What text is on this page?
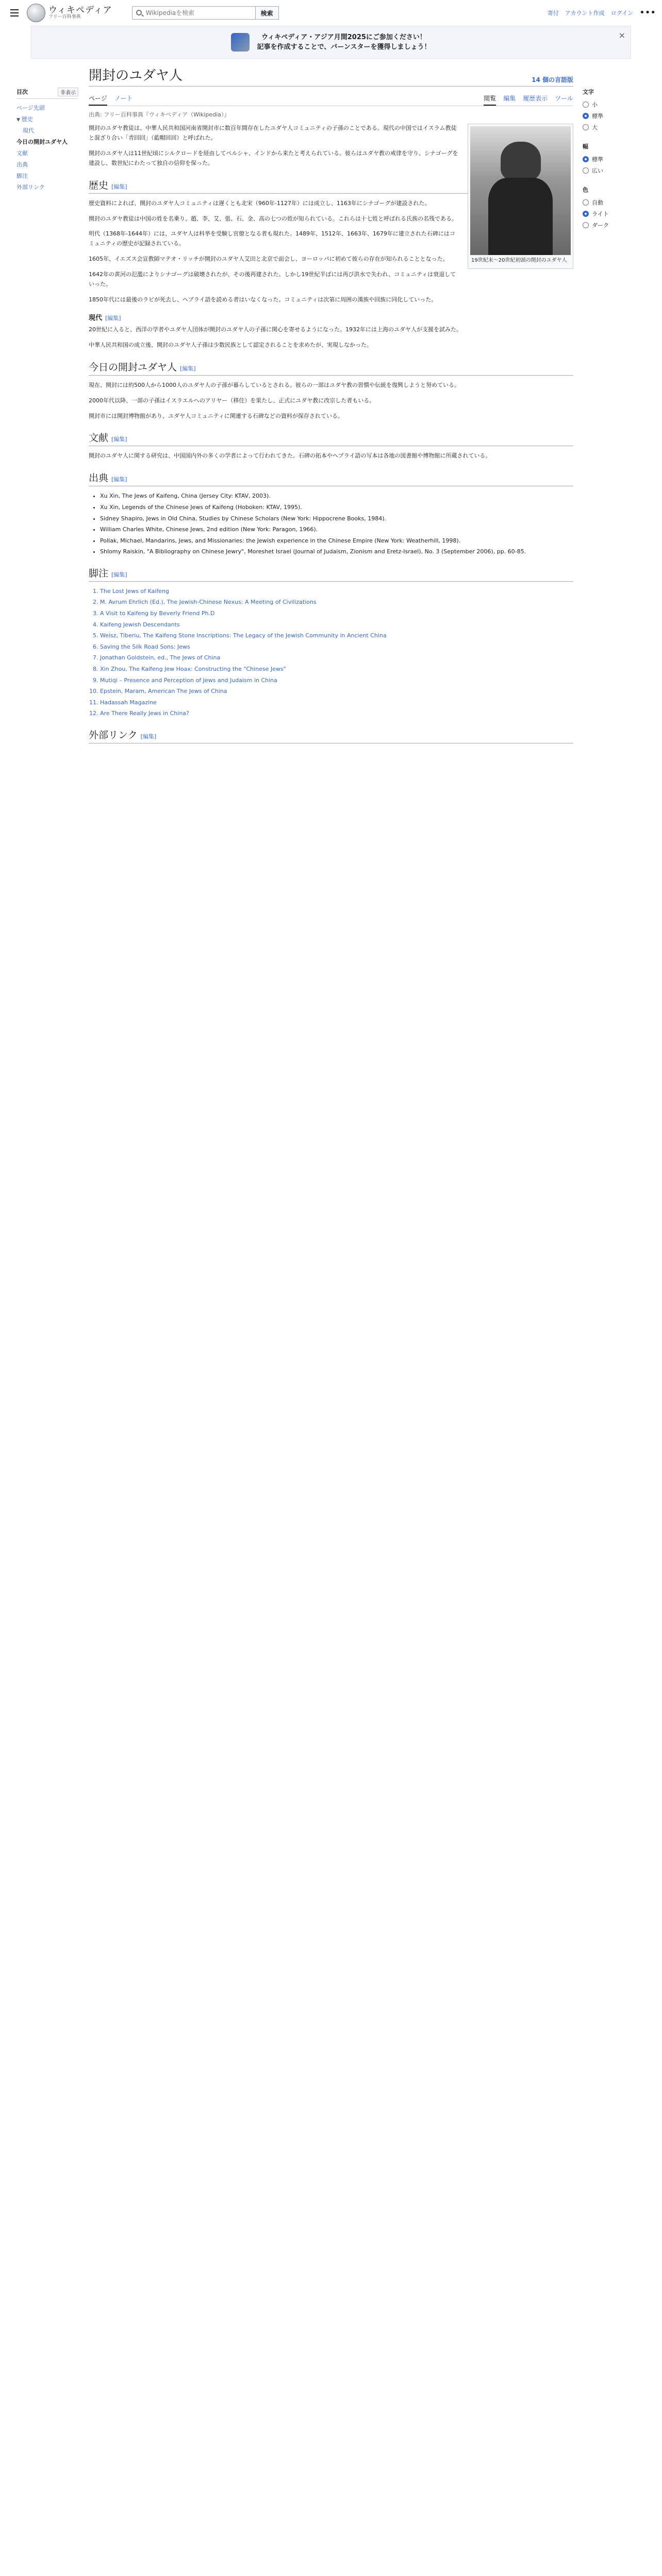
ウィキペディア
フリー百科事典
Wikipediaを検索
検索	寄付 アカウント作成 ログイン •••
ウィキペディア・アジア月間2025にご参加ください！
記事を作成することで、バーンスターを獲得しましょう！
×
目次	非表示
ページ先頭
▼ 歴史
現代
今日の開封ユダヤ人
文献
出典
脚注
外部リンク
文字
小
標準
大
幅
標準
広い
色
自動
ライト
ダーク
開封のユダヤ人	14 個の言語版
ページ ノート	閲覧 編集 履歴表示 ツール
出典: フリー百科事典『ウィキペディア（Wikipedia）』
19世紀末〜20世紀初頭の開封のユダヤ人

開封のユダヤ教徒は、中華人民共和国河南省開封市に数百年間存在したユダヤ人コミュニティの子孫のことである。現代の中国ではイスラム教徒と混ざり合い「青回回」（藍帽回回）と呼ばれた。

開封のユダヤ人は11世紀頃にシルクロードを経由してペルシャ、インドから来たと考えられている。彼らはユダヤ教の戒律を守り、シナゴーグを建設し、数世紀にわたって独自の信仰を保った。

歴史 [編集]

歴史資料によれば、開封のユダヤ人コミュニティは遅くとも北宋（960年-1127年）には成立し、1163年にシナゴーグが建設された。

開封のユダヤ教徒は中国の姓を名乗り、趙、李、艾、張、石、金、高の七つの姓が知られている。これらは十七姓と呼ばれる氏族の名残である。

明代（1368年-1644年）には、ユダヤ人は科挙を受験し官僚となる者も現れた。1489年、1512年、1663年、1679年に建立された石碑にはコミュニティの歴史が記録されている。

1605年、イエズス会宣教師マテオ・リッチが開封のユダヤ人艾田と北京で面会し、ヨーロッパに初めて彼らの存在が知られることとなった。

1642年の黄河の氾濫によりシナゴーグは破壊されたが、その後再建された。しかし19世紀半ばには再び洪水で失われ、コミュニティは衰退していった。

1850年代には最後のラビが死去し、ヘブライ語を読める者はいなくなった。コミュニティは次第に周囲の漢族や回族に同化していった。

現代 [編集]

20世紀に入ると、西洋の学者やユダヤ人団体が開封のユダヤ人の子孫に関心を寄せるようになった。1932年には上海のユダヤ人が支援を試みた。

中華人民共和国の成立後、開封のユダヤ人子孫は少数民族として認定されることを求めたが、実現しなかった。

今日の開封ユダヤ人 [編集]

現在、開封には約500人から1000人のユダヤ人の子孫が暮らしているとされる。彼らの一部はユダヤ教の習慣や伝統を復興しようと努めている。

2000年代以降、一部の子孫はイスラエルへのアリヤー（移住）を果たし、正式にユダヤ教に改宗した者もいる。

開封市には開封博物館があり、ユダヤ人コミュニティに関連する石碑などの資料が保存されている。

文献 [編集]

開封のユダヤ人に関する研究は、中国国内外の多くの学者によって行われてきた。石碑の拓本やヘブライ語の写本は各地の図書館や博物館に所蔵されている。

出典 [編集]
• Xu Xin, The Jews of Kaifeng, China (Jersey City: KTAV, 2003).
• Xu Xin, Legends of the Chinese Jews of Kaifeng (Hoboken: KTAV, 1995).
• Sidney Shapiro, Jews in Old China, Studies by Chinese Scholars (New York: Hippocrene Books, 1984).
• William Charles White, Chinese Jews, 2nd edition (New York: Paragon, 1966).
• Pollak, Michael, Mandarins, Jews, and Missionaries: the Jewish experience in the Chinese Empire (New York: Weatherhill, 1998).
• Shlomy Raiskin, "A Bibliography on Chinese Jewry", Moreshet Israel (Journal of Judaism, Zionism and Eretz-Israel), No. 3 (September 2006), pp. 60-85.
脚注 [編集]
1. The Lost Jews of Kaifeng
2. M. Avrum Ehrlich (Ed.), The Jewish-Chinese Nexus: A Meeting of Civilizations
3. A Visit to Kaifeng by Beverly Friend Ph.D
4. Kaifeng Jewish Descendants
5. Weisz, Tiberiu, The Kaifeng Stone Inscriptions: The Legacy of the Jewish Community in Ancient China
6. Saving the Silk Road Sons: Jews
7. Jonathan Goldstein, ed., The Jews of China
8. Xin Zhou, The Kaifeng Jew Hoax: Constructing the "Chinese Jews"
9. Mutiqi – Presence and Perception of Jews and Judaism in China
10. Epstein, Maram, American The Jews of China
11. Hadassah Magazine
12. Are There Really Jews in China?
外部リンク [編集]
